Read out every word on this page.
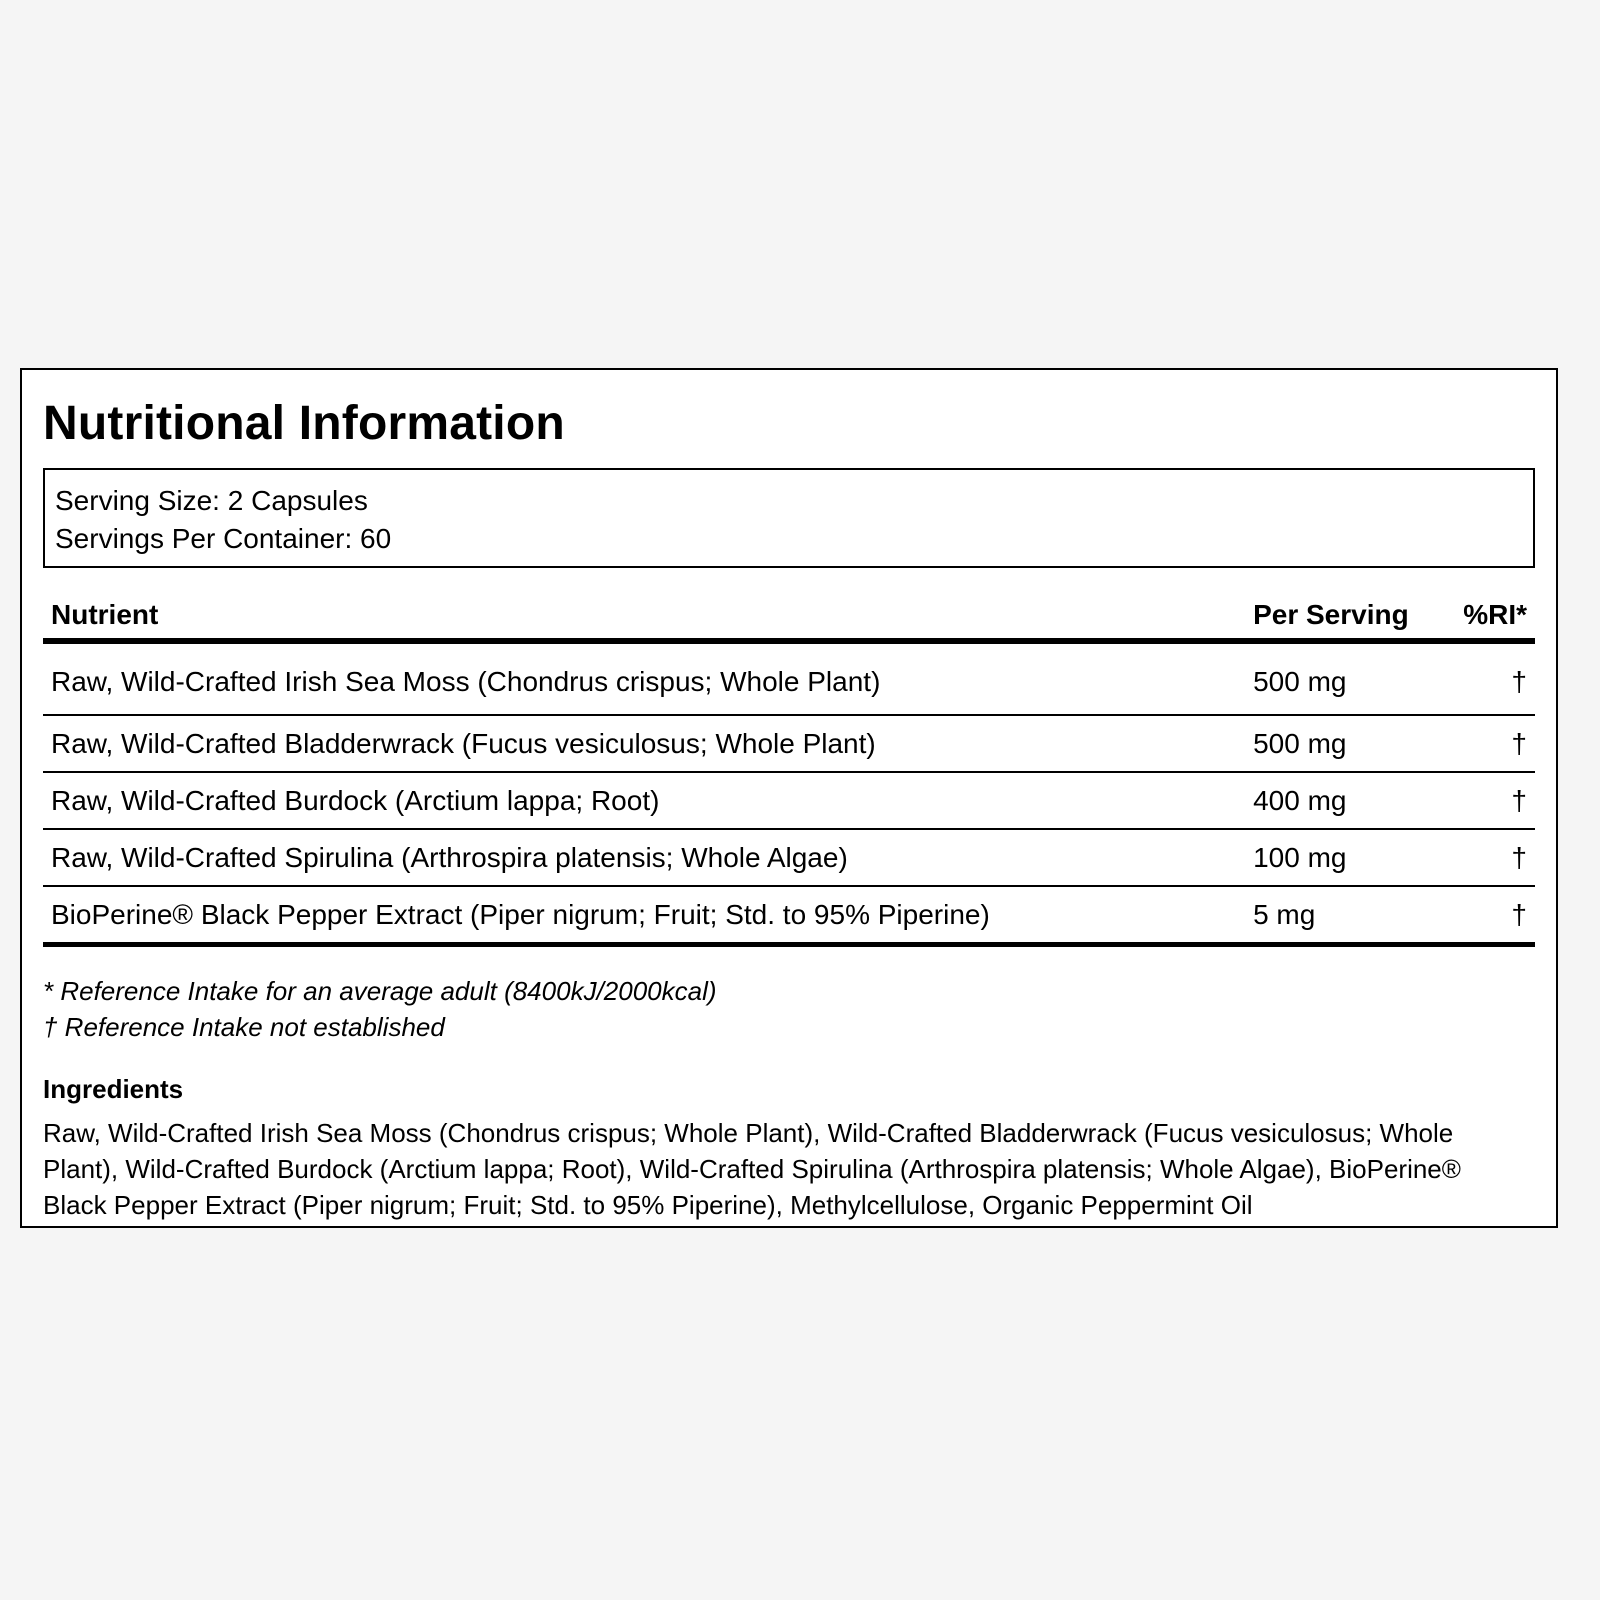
Nutritional Information
Serving Size: 2 Capsules
Servings Per Container: 60
Nutrient	Per Serving	%RI*
Raw, Wild-Crafted Irish Sea Moss (Chondrus crispus; Whole Plant)	500 mg	†
Raw, Wild-Crafted Bladderwrack (Fucus vesiculosus; Whole Plant)	500 mg	†
Raw, Wild-Crafted Burdock (Arctium lappa; Root)	400 mg	†
Raw, Wild-Crafted Spirulina (Arthrospira platensis; Whole Algae)	100 mg	†
BioPerine® Black Pepper Extract (Piper nigrum; Fruit; Std. to 95% Piperine)	5 mg	†
* Reference Intake for an average adult (8400kJ/2000kcal)
† Reference Intake not established
Ingredients
Raw, Wild-Crafted Irish Sea Moss (Chondrus crispus; Whole Plant), Wild-Crafted Bladderwrack (Fucus vesiculosus; Whole Plant), Wild-Crafted Burdock (Arctium lappa; Root), Wild-Crafted Spirulina (Arthrospira platensis; Whole Algae), BioPerine® Black Pepper Extract (Piper nigrum; Fruit; Std. to 95% Piperine), Methylcellulose, Organic Peppermint Oil
